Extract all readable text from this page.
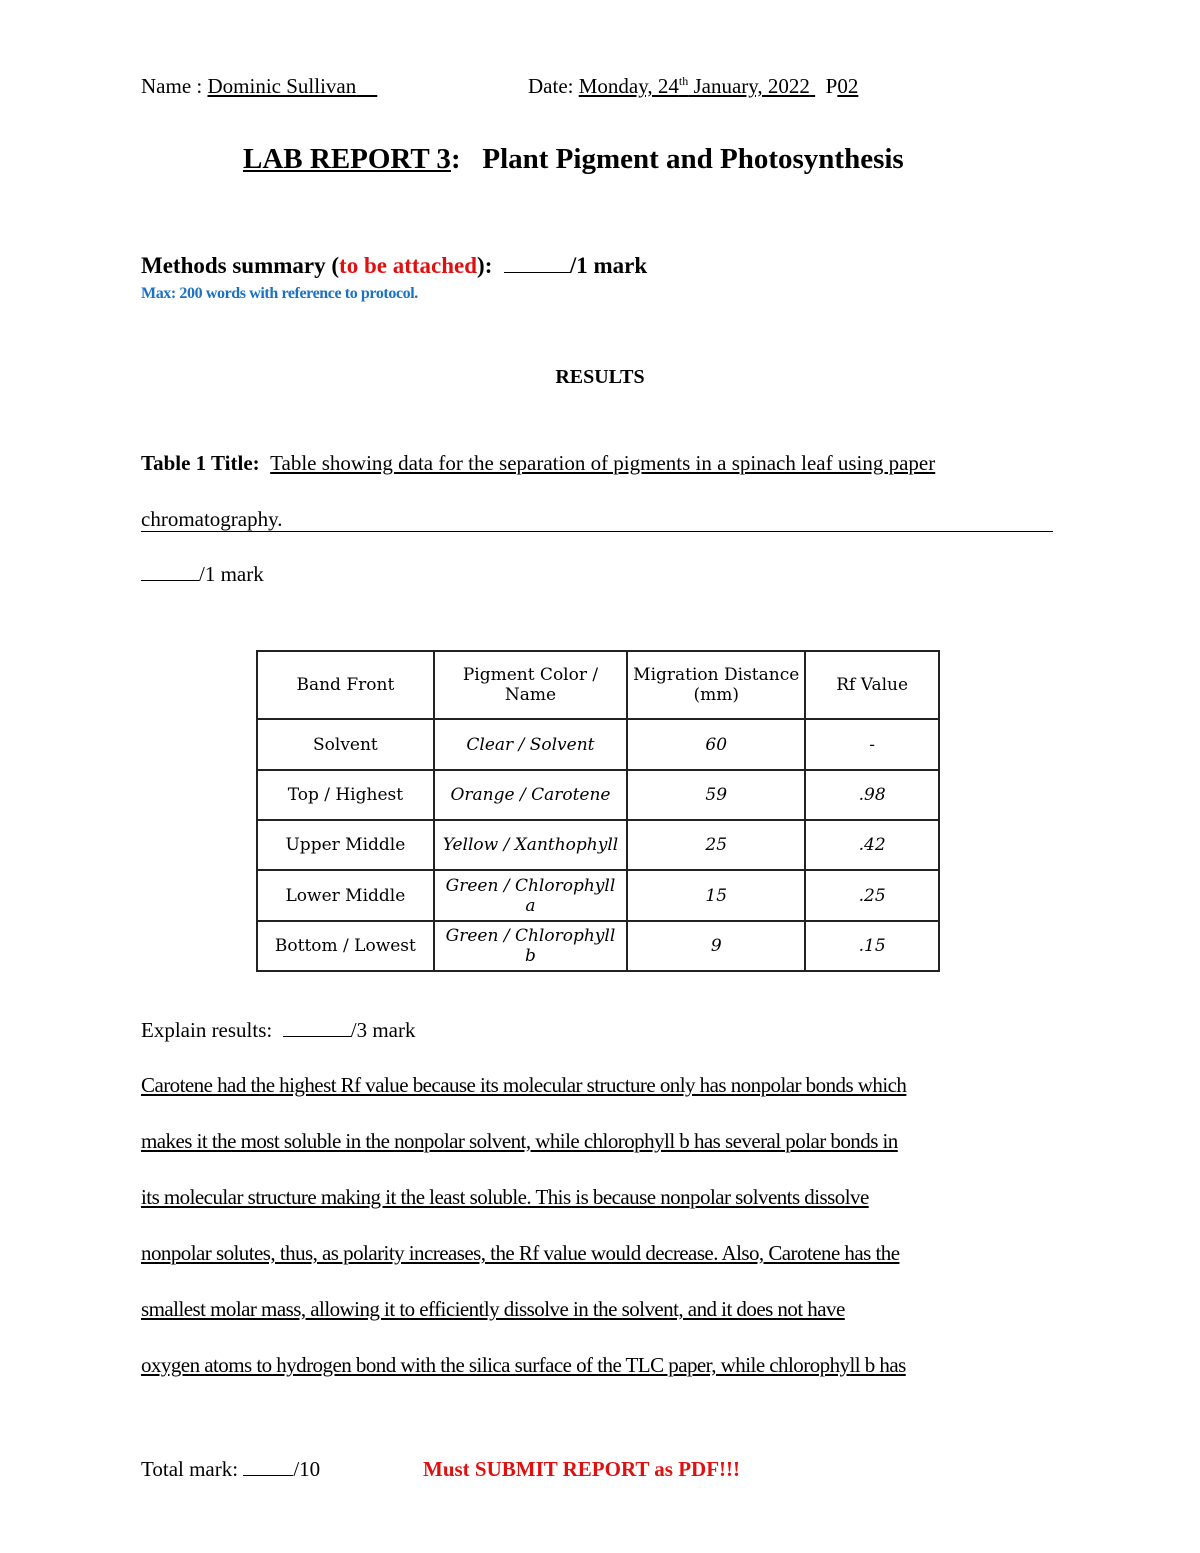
Name : Dominic Sullivan	Date: Monday, 24th January, 2022 P02
LAB REPORT 3: Plant Pigment and Photosynthesis
Methods summary (to be attached):	/1 mark
Max: 200 words with reference to protocol.
RESULTS
Table 1 Title: Table showing data for the separation of pigments in a spinach leaf using paper
chromatography.
/1 mark
Band Front	Pigment Color / Name	Migration Distance (mm)	Rf Value
Solvent	Clear / Solvent	60	-
Top / Highest	Orange / Carotene	59	.98
Upper Middle	Yellow / Xanthophyll	25	.42
Lower Middle	Green / Chlorophyll a	15	.25
Bottom / Lowest	Green / Chlorophyll b	9	.15
Explain results:	/3 mark
Carotene had the highest Rf value because its molecular structure only has nonpolar bonds which
makes it the most soluble in the nonpolar solvent, while chlorophyll b has several polar bonds in
its molecular structure making it the least soluble. This is because nonpolar solvents dissolve
nonpolar solutes, thus, as polarity increases, the Rf value would decrease. Also, Carotene has the
smallest molar mass, allowing it to efficiently dissolve in the solvent, and it does not have
oxygen atoms to hydrogen bond with the silica surface of the TLC paper, while chlorophyll b has
Total mark: /10	Must SUBMIT REPORT as PDF!!!
